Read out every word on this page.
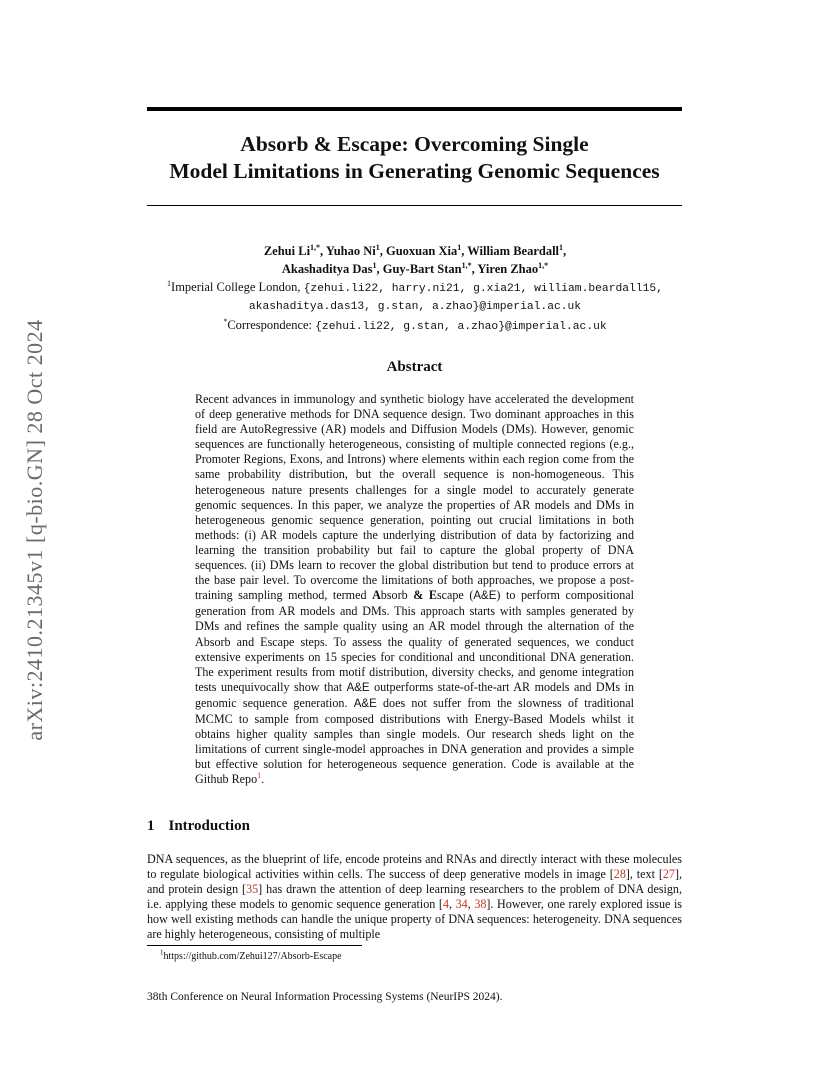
arXiv:2410.21345v1 [q-bio.GN] 28 Oct 2024
Absorb & Escape: Overcoming Single
Model Limitations in Generating Genomic Sequences
Zehui $Li^{1,*}$, Yuhao Ni$^1$, Guoxuan Xia$^1$, William Beardall$^1$,
Akashaditya Das$^1$, Guy-Bart Stan$^{1,*}$, Yiren Zhao$^{1,*}$
$^1$Imperial College London, {zehui.li22, harry.ni21, g.xia21, william.beardall15,
akashaditya.das13, g.stan, a.zhao}@imperial.ac.uk
*Correspondence: {zehui.li22, g.stan, a.zhao}@imperial.ac.uk
Abstract

Recent advances in immunology and synthetic biology have accelerated the development of deep generative methods for DNA sequence design. Two dominant approaches in this field are AutoRegressive (AR) models and Diffusion Models (DMs). However, genomic sequences are functionally heterogeneous, consisting of multiple connected regions (e.g., Promoter Regions, Exons, and Introns) where elements within each region come from the same probability distribution, but the overall sequence is non-homogeneous. This heterogeneous nature presents challenges for a single model to accurately generate genomic sequences. In this paper, we analyze the properties of AR models and DMs in heterogeneous genomic sequence generation, pointing out crucial limitations in both methods: (i) AR models capture the underlying distribution of data by factorizing and learning the transition probability but fail to capture the global property of DNA sequences. (ii) DMs learn to recover the global distribution but tend to produce errors at the base pair level. To overcome the limitations of both approaches, we propose a post-training sampling method, termed Absorb & Escape (A&E) to perform compositional generation from AR models and DMs. This approach starts with samples generated by DMs and refines the sample quality using an AR model through the alternation of the Absorb and Escape steps. To assess the quality of generated sequences, we conduct extensive experiments on 15 species for conditional and unconditional DNA generation. The experiment results from motif distribution, diversity checks, and genome integration tests unequivocally show that A&E outperforms state-of-the-art AR models and DMs in genomic sequence generation. A&E does not suffer from the slowness of traditional MCMC to sample from composed distributions with Energy-Based Models whilst it obtains higher quality samples than single models. Our research sheds light on the limitations of current single-model approaches in DNA generation and provides a simple but effective solution for heterogeneous sequence generation. Code is available at the Github Repo$^1$.

1 Introduction

DNA sequences, as the blueprint of life, encode proteins and RNAs and directly interact with these molecules to regulate biological activities within cells. The success of deep generative models in image [28], text [27], and protein design [35] has drawn the attention of deep learning researchers to the problem of DNA design, i.e. applying these models to genomic sequence generation [4, 34, 38]. However, one rarely explored issue is how well existing methods can handle the unique property of DNA sequences: heterogeneity. DNA sequences are highly heterogeneous, consisting of multiple

$^1$https://github.com/Zehui127/Absorb-Escape
38th Conference on Neural Information Processing Systems (NeurIPS 2024).
